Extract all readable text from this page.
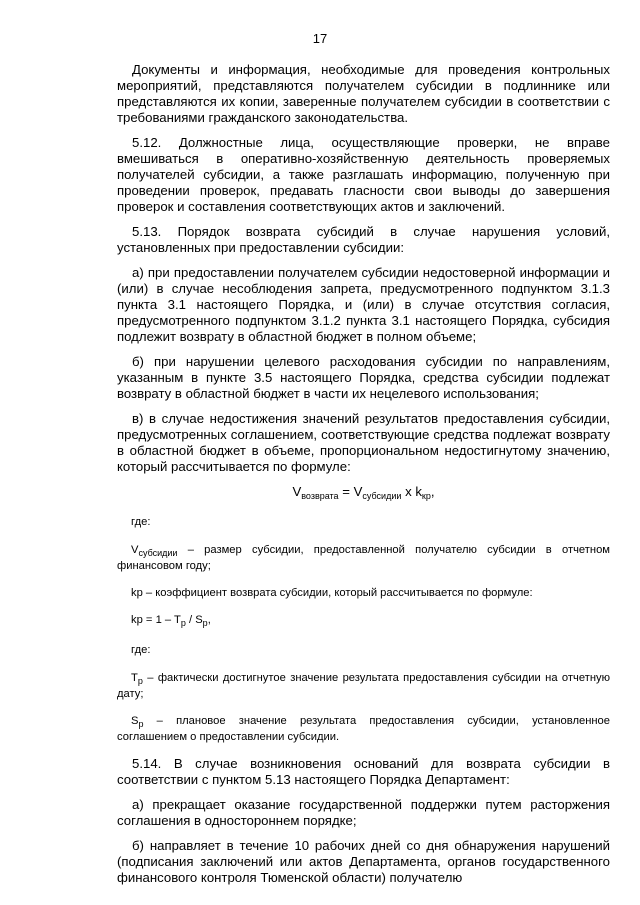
17

Документы и информация, необходимые для проведения контрольных мероприятий, представляются получателем субсидии в подлиннике или представляются их копии, заверенные получателем субсидии в соответствии с требованиями гражданского законодательства.

5.12. Должностные лица, осуществляющие проверки, не вправе вмешиваться в оперативно-хозяйственную деятельность проверяемых получателей субсидии, а также разглашать информацию, полученную при проведении проверок, предавать гласности свои выводы до завершения проверок и составления соответствующих актов и заключений.

5.13. Порядок возврата субсидий в случае нарушения условий, установленных при предоставлении субсидии:

а) при предоставлении получателем субсидии недостоверной информации и (или) в случае несоблюдения запрета, предусмотренного подпунктом 3.1.3 пункта 3.1 настоящего Порядка, и (или) в случае отсутствия согласия, предусмотренного подпунктом 3.1.2 пункта 3.1 настоящего Порядка, субсидия подлежит возврату в областной бюджет в полном объеме;

б) при нарушении целевого расходования субсидии по направлениям, указанным в пункте 3.5 настоящего Порядка, средства субсидии подлежат возврату в областной бюджет в части их нецелевого использования;

в) в случае недостижения значений результатов предоставления субсидии, предусмотренных соглашением, соответствующие средства подлежат возврату в областной бюджет в объеме, пропорциональном недостигнутому значению, который рассчитывается по формуле:

$V_{возврата} = V_{субсидии}$ x $k_{кр}$,
где:
$V_{субсидии}$ – размер субсидии, предоставленной получателю субсидии в отчетном финансовом году;
kp – коэффициент возврата субсидии, который рассчитывается по формуле:
kp = $1 - T_p / S_p$,
где:
$T_p$ – фактически достигнутое значение результата предоставления субсидии на отчетную дату;
$S_p$ – плановое значение результата предоставления субсидии, установленное соглашением о предоставлении субсидии.

5.14. В случае возникновения оснований для возврата субсидии в соответствии с пунктом 5.13 настоящего Порядка Департамент:

а) прекращает оказание государственной поддержки путем расторжения соглашения в одностороннем порядке;

б) направляет в течение 10 рабочих дней со дня обнаружения нарушений (подписания заключений или актов Департамента, органов государственного финансового контроля Тюменской области) получателю
